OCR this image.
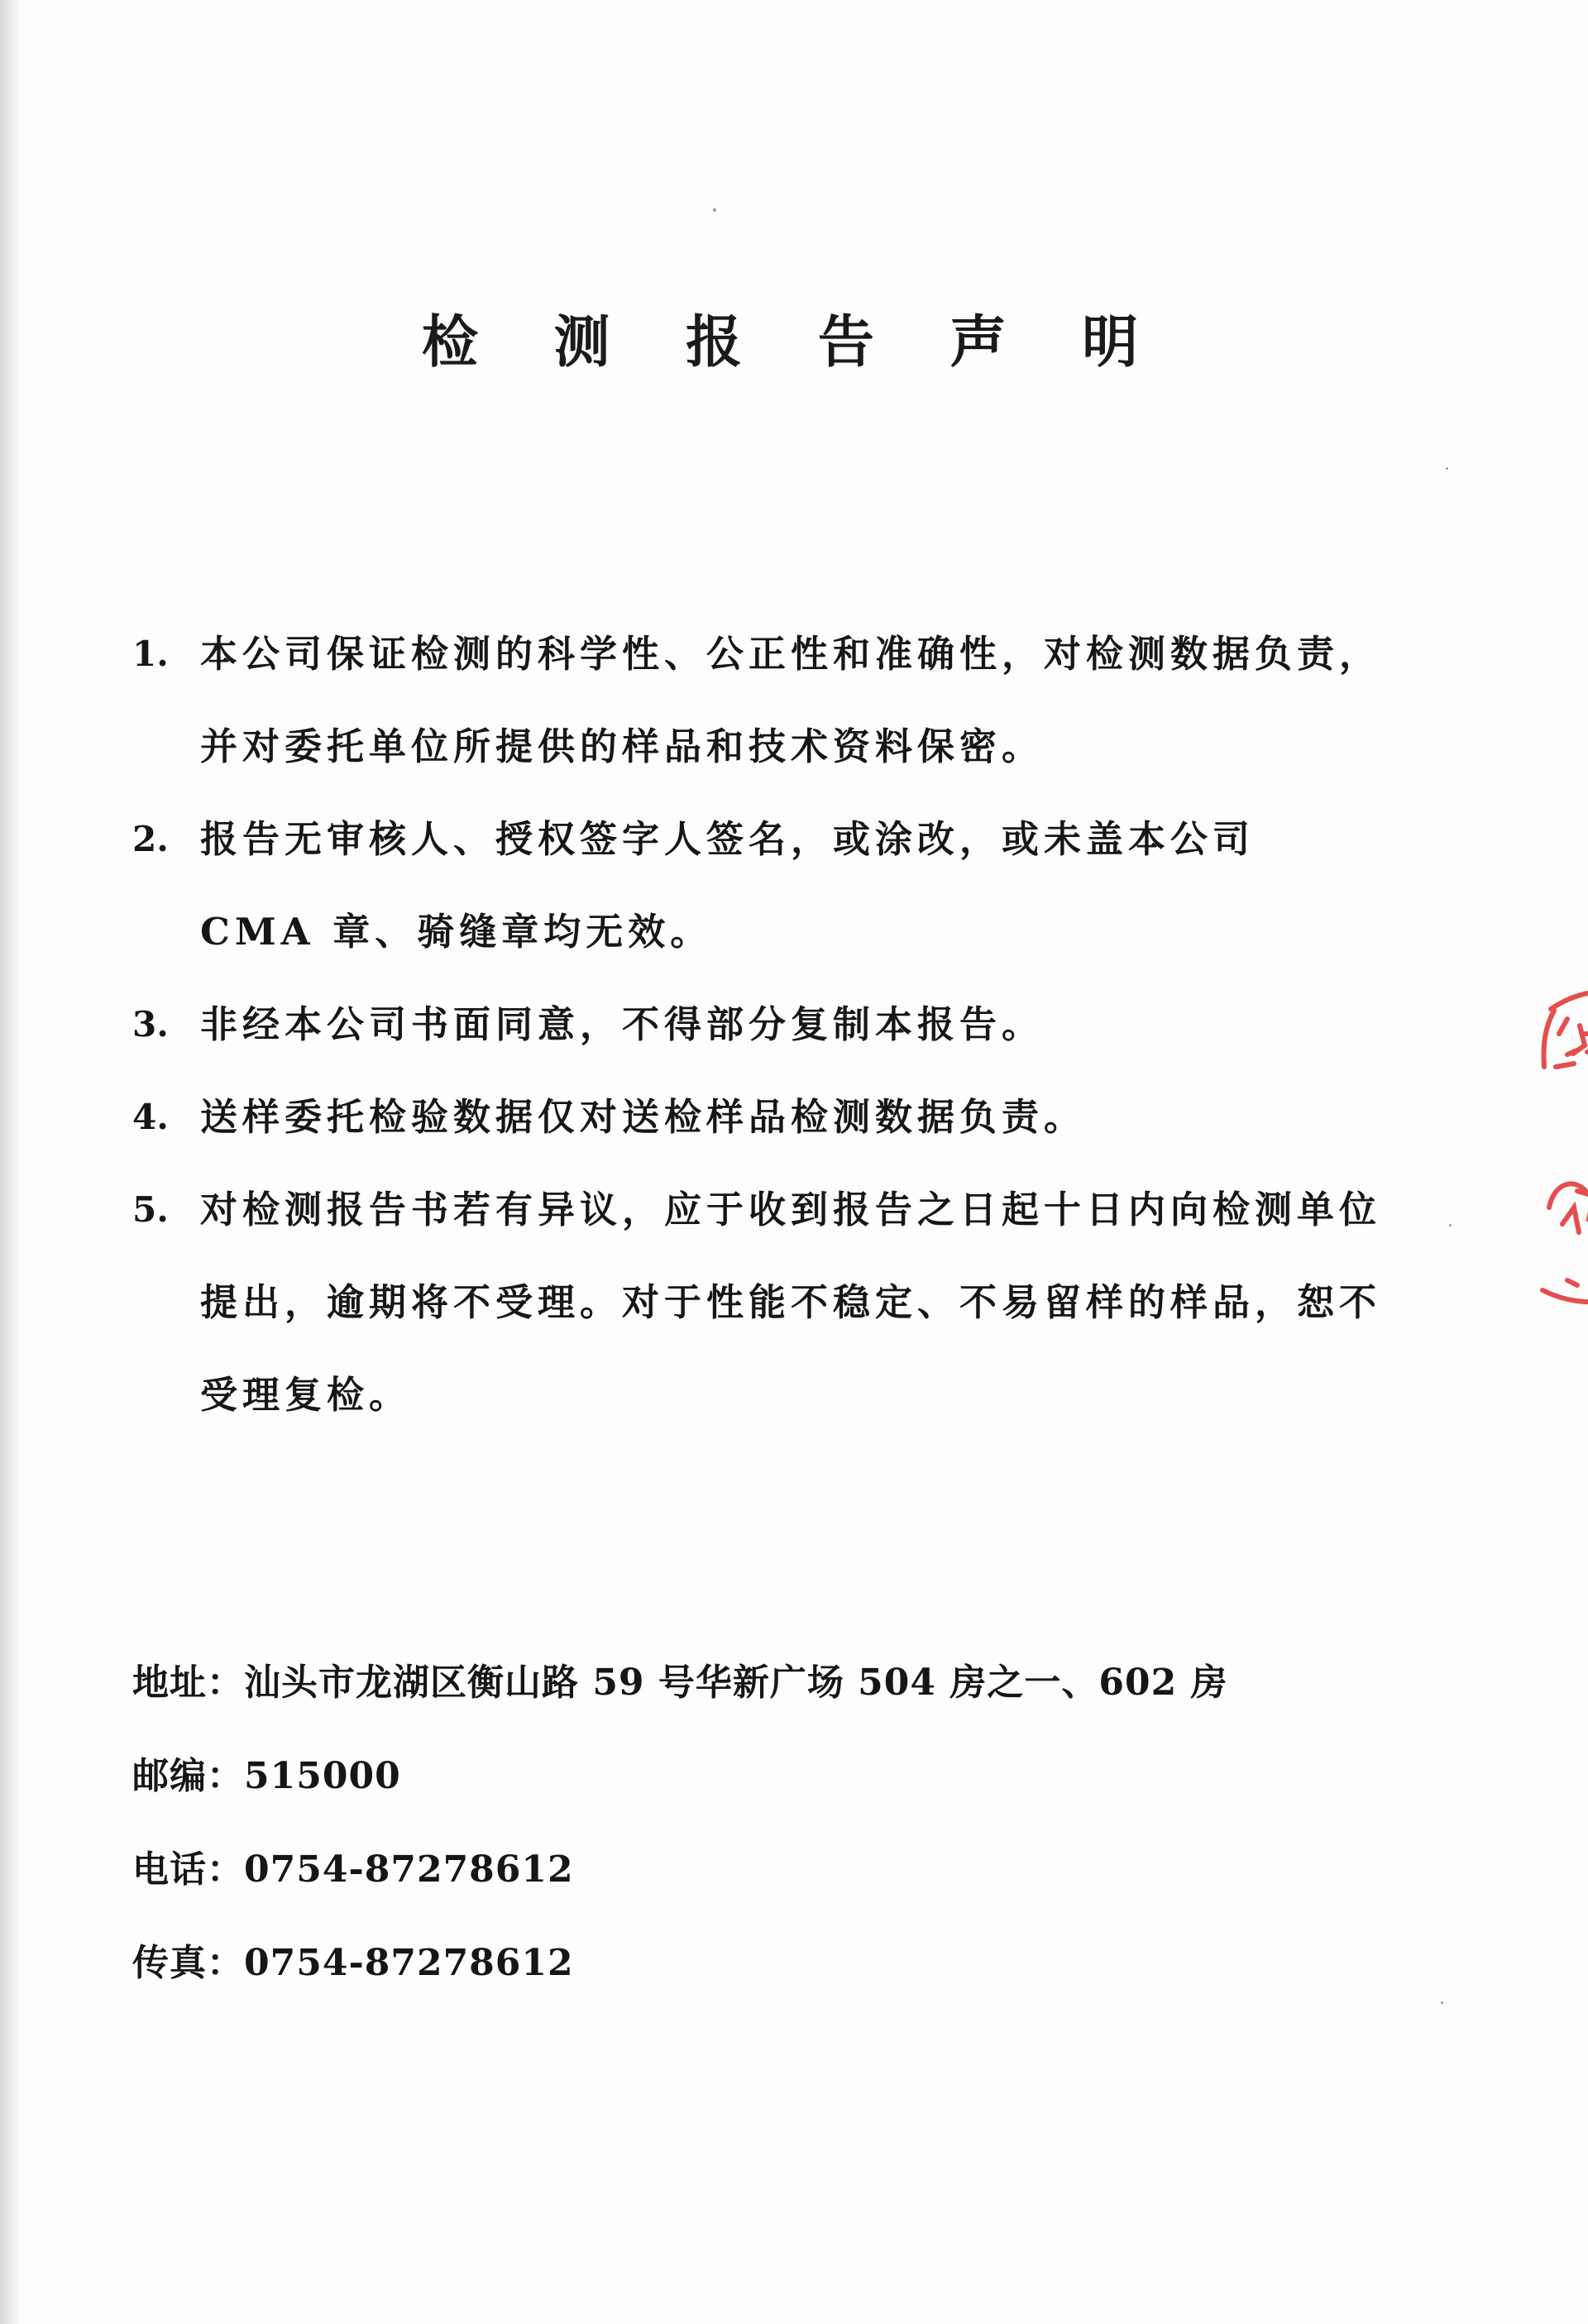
检 测 报 告 声 明
1. 本公司保证检测的科学性、公正性和准确性，对检测数据负责，并对委托单位所提供的样品和技术资料保密。
2. 报告无审核人、授权签字人签名，或涂改，或未盖本公司 CMA 章、骑缝章均无效。
3. 非经本公司书面同意，不得部分复制本报告。
4. 送样委托检验数据仅对送检样品检测数据负责。
5. 对检测报告书若有异议，应于收到报告之日起十日内向检测单位提出，逾期将不受理。对于性能不稳定、不易留样的样品，恕不受理复检。
地址：汕头市龙湖区衡山路 59 号华新广场 504 房之一、602 房
邮编：515000
电话：0754-87278612
传真：0754-87278612
